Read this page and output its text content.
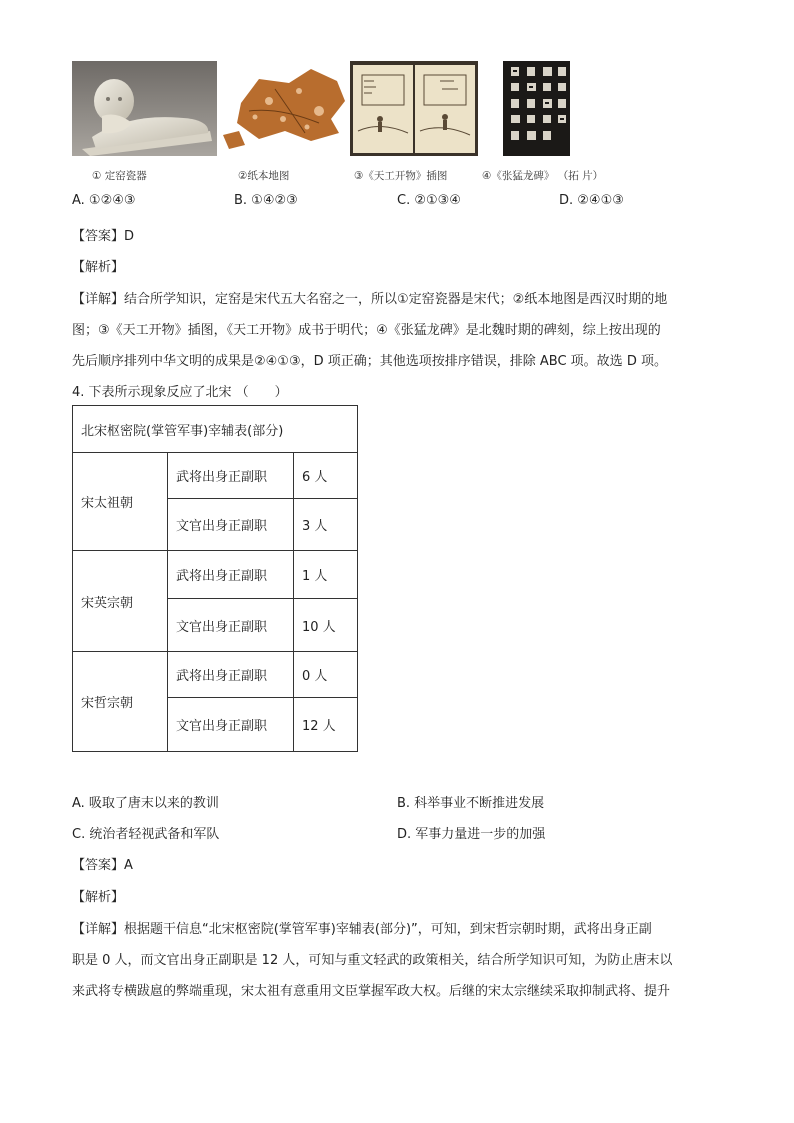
① 定窑瓷器	②纸本地图	③《天工开物》插图	④《张猛龙碑》 （拓 片）
A. ①②④③	B. ①④②③	C. ②①③④	D. ②④①③
【答案】D
【解析】
【详解】结合所学知识，定窑是宋代五大名窑之一，所以①定窑瓷器是宋代；②纸本地图是西汉时期的地
图；③《天工开物》插图，《天工开物》成书于明代；④《张猛龙碑》是北魏时期的碑刻，综上按出现的
先后顺序排列中华文明的成果是②④①③，D 项正确；其他选项按排序错误，排除 ABC 项。故选 D 项。
4. 下表所示现象反应了北宋 （　　）
北宋枢密院(掌管军事)宰辅表(部分)		
宋太祖朝	武将出身正副职	6 人
	文官出身正副职	3 人
宋英宗朝	武将出身正副职	1 人
	文官出身正副职	10 人
宋哲宗朝	武将出身正副职	0 人
	文官出身正副职	12 人
A. 吸取了唐末以来的教训	B. 科举事业不断推进发展
C. 统治者轻视武备和军队	D. 军事力量进一步的加强
【答案】A
【解析】
【详解】根据题干信息“北宋枢密院(掌管军事)宰辅表(部分)”，可知，到宋哲宗朝时期，武将出身正副
职是 0 人，而文官出身正副职是 12 人，可知与重文轻武的政策相关，结合所学知识可知，为防止唐末以
来武将专横跋扈的弊端重现，宋太祖有意重用文臣掌握军政大权。后继的宋太宗继续采取抑制武将、提升
